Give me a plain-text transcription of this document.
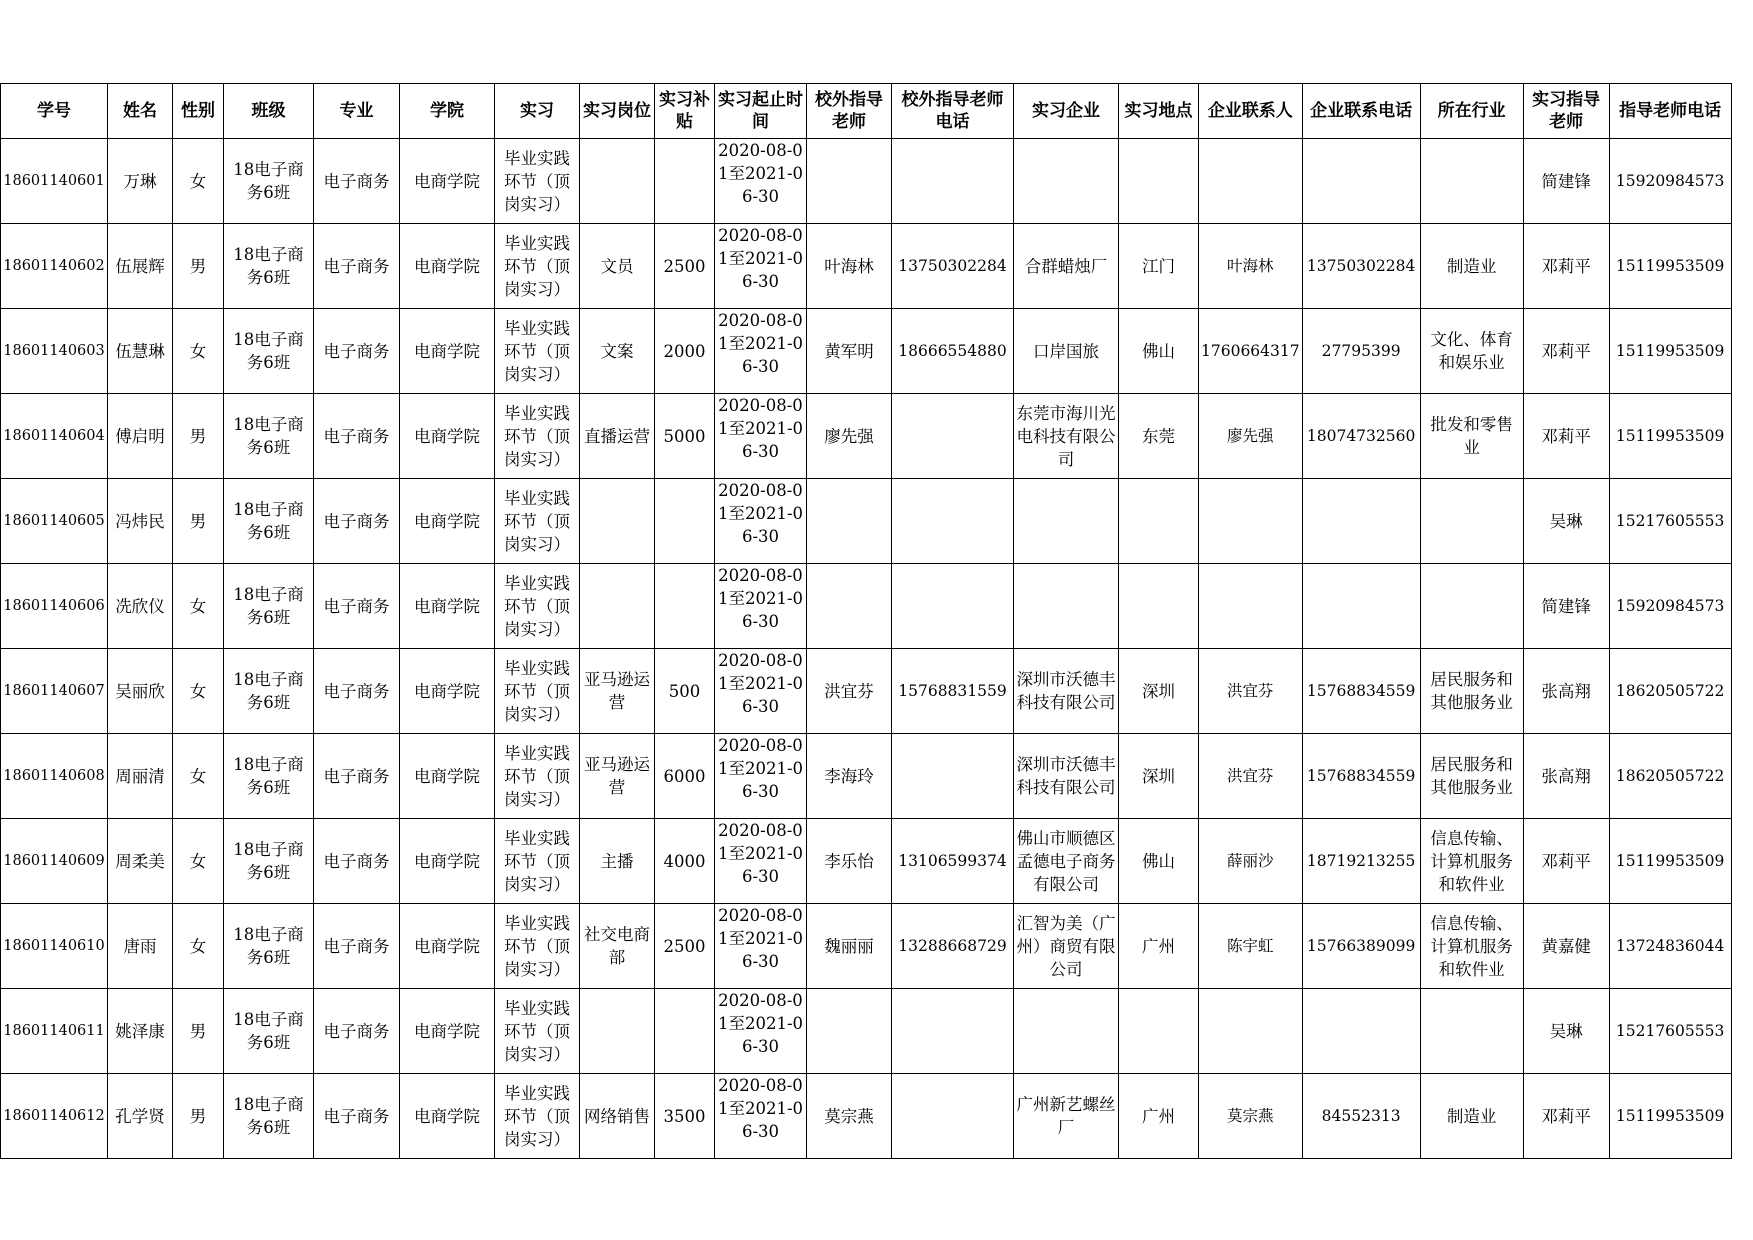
学号	姓名	性别	班级	专业	学院	实习	实习岗位	实习补贴	实习起止时间	校外指导老师	校外指导老师电话	实习企业	实习地点	企业联系人	企业联系电话	所在行业	实习指导老师	指导老师电话
18601140601	万琳	女	18电子商务6班	电子商务	电商学院	毕业实践环节（顶岗实习）			2020-08-01至2021-06-30								简建锋	15920984573
18601140602	伍展辉	男	18电子商务6班	电子商务	电商学院	毕业实践环节（顶岗实习）	文员	2500	2020-08-01至2021-06-30	叶海林	13750302284	合群蜡烛厂	江门	叶海林	13750302284	制造业	邓莉平	15119953509
18601140603	伍慧琳	女	18电子商务6班	电子商务	电商学院	毕业实践环节（顶岗实习）	文案	2000	2020-08-01至2021-06-30	黄军明	18666554880	口岸国旅	佛山	1760664317	27795399	文化、体育和娱乐业	邓莉平	15119953509
18601140604	傅启明	男	18电子商务6班	电子商务	电商学院	毕业实践环节（顶岗实习）	直播运营	5000	2020-08-01至2021-06-30	廖先强		东莞市海川光电科技有限公司	东莞	廖先强	18074732560	批发和零售业	邓莉平	15119953509
18601140605	冯炜民	男	18电子商务6班	电子商务	电商学院	毕业实践环节（顶岗实习）			2020-08-01至2021-06-30								吴琳	15217605553
18601140606	冼欣仪	女	18电子商务6班	电子商务	电商学院	毕业实践环节（顶岗实习）			2020-08-01至2021-06-30								简建锋	15920984573
18601140607	吴丽欣	女	18电子商务6班	电子商务	电商学院	毕业实践环节（顶岗实习）	亚马逊运营	500	2020-08-01至2021-06-30	洪宜芬	15768831559	深圳市沃德丰科技有限公司	深圳	洪宜芬	15768834559	居民服务和其他服务业	张高翔	18620505722
18601140608	周丽清	女	18电子商务6班	电子商务	电商学院	毕业实践环节（顶岗实习）	亚马逊运营	6000	2020-08-01至2021-06-30	李海玲		深圳市沃德丰科技有限公司	深圳	洪宜芬	15768834559	居民服务和其他服务业	张高翔	18620505722
18601140609	周柔美	女	18电子商务6班	电子商务	电商学院	毕业实践环节（顶岗实习）	主播	4000	2020-08-01至2021-06-30	李乐怡	13106599374	佛山市顺德区孟德电子商务有限公司	佛山	薛丽沙	18719213255	信息传输、计算机服务和软件业	邓莉平	15119953509
18601140610	唐雨	女	18电子商务6班	电子商务	电商学院	毕业实践环节（顶岗实习）	社交电商部	2500	2020-08-01至2021-06-30	魏丽丽	13288668729	汇智为美（广州）商贸有限公司	广州	陈宇虹	15766389099	信息传输、计算机服务和软件业	黄嘉健	13724836044
18601140611	姚泽康	男	18电子商务6班	电子商务	电商学院	毕业实践环节（顶岗实习）			2020-08-01至2021-06-30								吴琳	15217605553
18601140612	孔学贤	男	18电子商务6班	电子商务	电商学院	毕业实践环节（顶岗实习）	网络销售	3500	2020-08-01至2021-06-30	莫宗燕		广州新艺螺丝厂	广州	莫宗燕	84552313	制造业	邓莉平	15119953509
